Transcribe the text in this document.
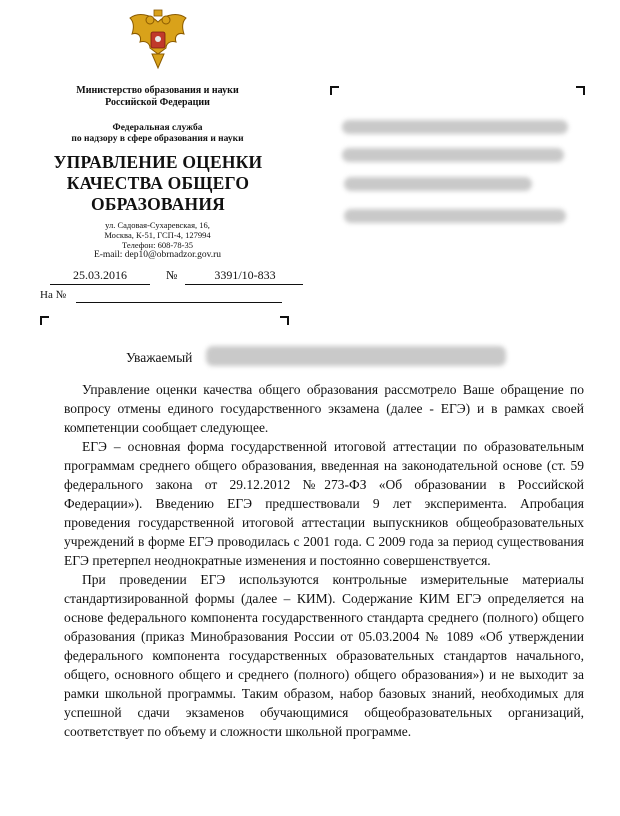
Министерство образования и науки
Российской Федерации
Федеральная служба
по надзору в сфере образования и науки
УПРАВЛЕНИЕ ОЦЕНКИ
КАЧЕСТВА ОБЩЕГО
ОБРАЗОВАНИЯ
ул. Садовая-Сухаревская, 16,
Москва, К-51, ГСП-4, 127994
Телефон: 608-78-35
E-mail: dep10@obrnadzor.gov.ru
25.03.2016	№	3391/10-833
На №
Уважаемый

Управление оценки качества общего образования рассмотрело Ваше обращение по вопросу отмены единого государственного экзамена (далее - ЕГЭ) и в рамках своей компетенции сообщает следующее.

ЕГЭ – основная форма государственной итоговой аттестации по образовательным программам среднего общего образования, введенная на законодательной основе (ст. 59 федерального закона от 29.12.2012 №273-ФЗ «Об образовании в Российской Федерации»). Введению ЕГЭ предшествовали 9 лет эксперимента. Апробация проведения государственной итоговой аттестации выпускников общеобразовательных учреждений в форме ЕГЭ проводилась с 2001 года. С 2009 года за период существования ЕГЭ претерпел неоднократные изменения и постоянно совершенствуется.

При проведении ЕГЭ используются контрольные измерительные материалы стандартизированной формы (далее – КИМ). Содержание КИМ ЕГЭ определяется на основе федерального компонента государственного стандарта среднего (полного) общего образования (приказ Минобразования России от 05.03.2004 № 1089 «Об утверждении федерального компонента государственных образовательных стандартов начального, общего, основного общего и среднего (полного) общего образования») и не выходит за рамки школьной программы. Таким образом, набор базовых знаний, необходимых для успешной сдачи экзаменов обучающимися общеобразовательных организаций, соответствует по объему и сложности школьной программе.
